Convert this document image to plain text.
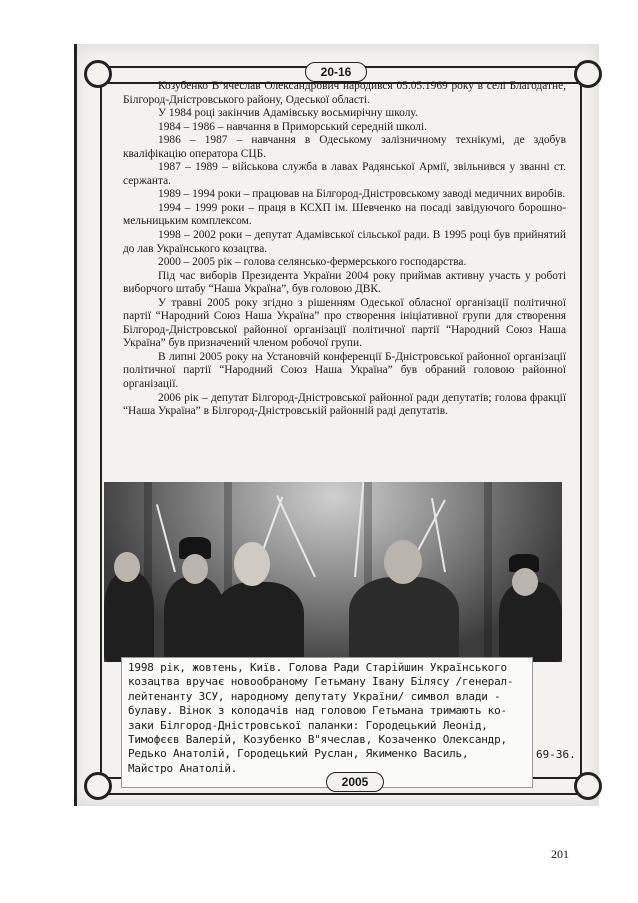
20-16

Козубенко В’ячеслав Олександрович народився 05.05.1969 року в селі Благодатне, Білгород-Дністровського району, Одеської області.

У 1984 році закінчив Адамівську восьмирічну школу.

1984 – 1986 – навчання в Приморський середній школі.

1986 – 1987 – навчання в Одеському залізничному технікумі, де здобув кваліфікацію оператора СЦБ.

1987 – 1989 – військова служба в лавах Радянської Армії, звільнився у званні ст. сержанта.

1989 – 1994 роки – працював на Білгород-Дністровському заводі медичних виробів.

1994 – 1999 роки – праця в КСХП ім. Шевченко на посаді завідуючого борошно-мельницьким комплексом.

1998 – 2002 роки – депутат Адамівської сільської ради. В 1995 році був прийнятий до лав Українського козацтва.

2000 – 2005 рік – голова селянсько-фермерського господарства.

Під час виборів Президента України 2004 року приймав активну участь у роботі виборчого штабу “Наша Україна”, був головою ДВК.

У травні 2005 року згідно з рішенням Одеської обласної організації політичної партії “Народний Союз Наша Україна” про створення ініціативної групи для створення Білгород-Дністровської районної організації політичної партії “Народний Союз Наша Україна” був призначений членом робочої групи.

В липні 2005 року на Установчій конференції Б-Дністровської районної організації політичної партії “Народний Союз Наша Україна” був обраний головою районної організації.

2006 рік – депутат Білгород-Дністровської районної ради депутатів; голова фракції “Наша Україна” в Білгород-Дністровській районній раді депутатів.

1998 рік, жовтень, Київ. Голова Ради Старійшин Українського
козацтва вручає новообраному Гетьману Івану Білясу /генерал-
лейтенанту ЗСУ, народному депутату України/ символ влади -
булаву. Вінок з колодачів над головою Гетьмана тримають ко-
заки Білгород-Дністровської паланки: Городецький Леонід,
Тимофєєв Валерій, Козубенко В"ячеслав, Козаченко Олександр,
Редько Анатолій, Городецький Руслан, Якименко Василь,
Майстро Анатолій.
69-36.
2005
201
